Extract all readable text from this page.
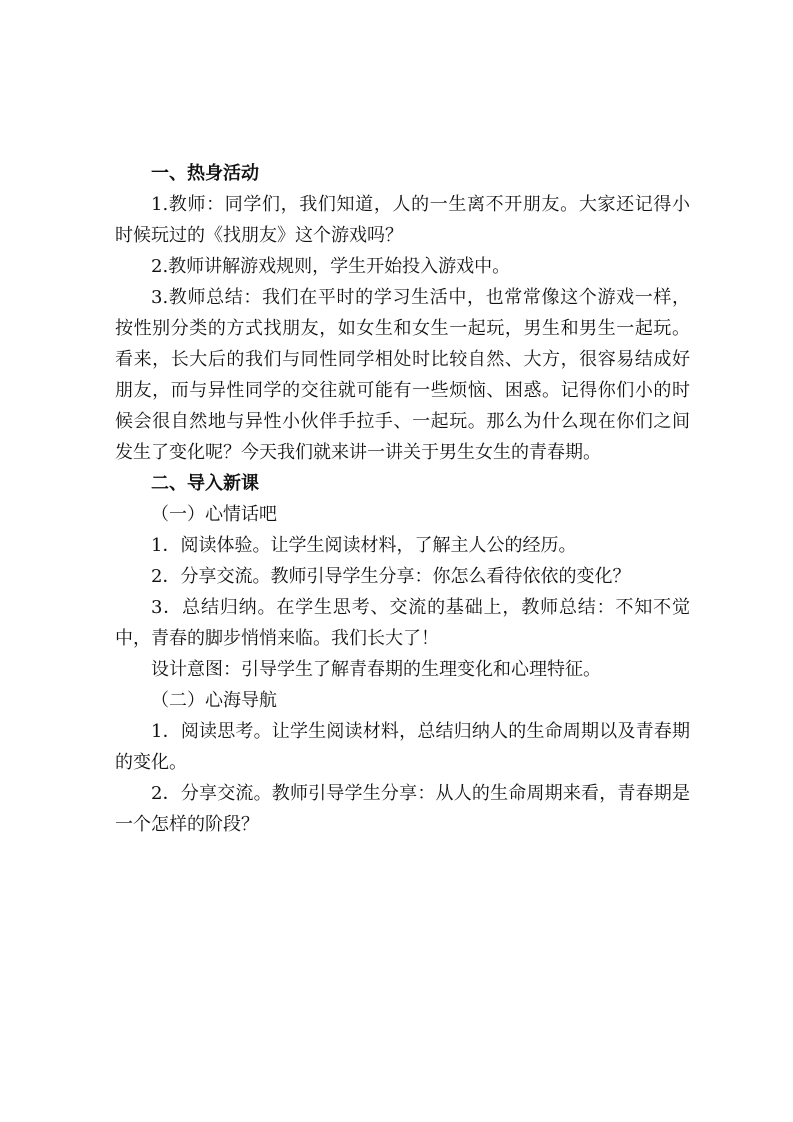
一、热身活动

1.教师：同学们，我们知道，人的一生离不开朋友。大家还记得小时候玩过的《找朋友》这个游戏吗？

2.教师讲解游戏规则，学生开始投入游戏中。

3.教师总结：我们在平时的学习生活中，也常常像这个游戏一样，按性别分类的方式找朋友，如女生和女生一起玩，男生和男生一起玩。看来，长大后的我们与同性同学相处时比较自然、大方，很容易结成好朋友，而与异性同学的交往就可能有一些烦恼、困惑。记得你们小的时候会很自然地与异性小伙伴手拉手、一起玩。那么为什么现在你们之间发生了变化呢？今天我们就来讲一讲关于男生女生的青春期。

二、导入新课

（一）心情话吧

1．阅读体验。让学生阅读材料，了解主人公的经历。

2．分享交流。教师引导学生分享：你怎么看待依依的变化？

3．总结归纳。在学生思考、交流的基础上，教师总结：不知不觉中，青春的脚步悄悄来临。我们长大了！

设计意图：引导学生了解青春期的生理变化和心理特征。

（二）心海导航

1．阅读思考。让学生阅读材料，总结归纳人的生命周期以及青春期的变化。

2．分享交流。教师引导学生分享：从人的生命周期来看，青春期是一个怎样的阶段？
